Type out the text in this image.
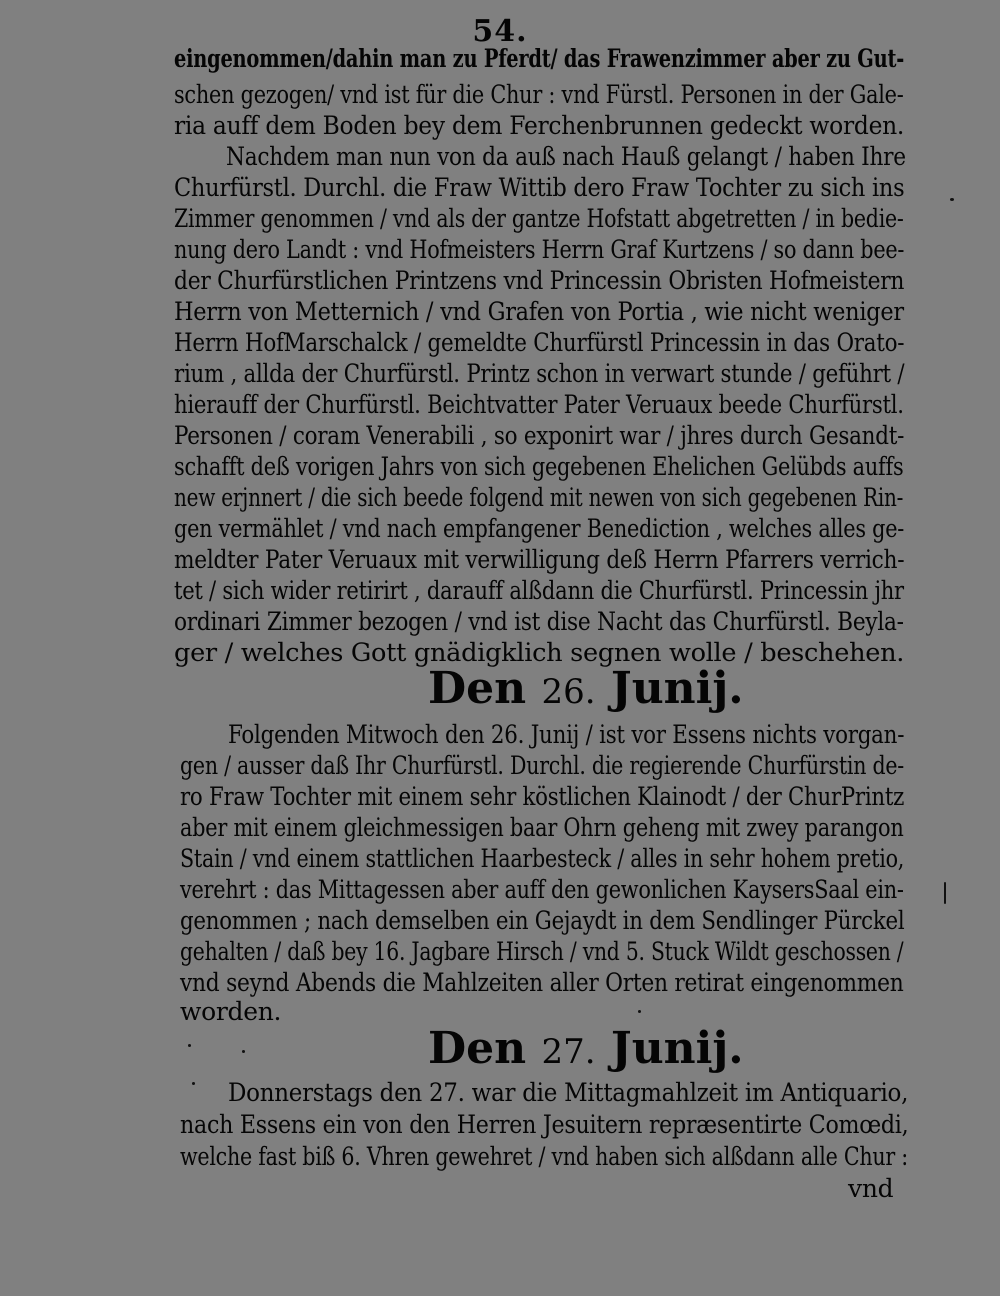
54.
eingenommen/dahin man zu Pferdt/ das Frawenzimmer aber zu Gut-
schen gezogen/ vnd ist für die Chur : vnd Fürstl. Personen in der Gale-
ria auff dem Boden bey dem Ferchenbrunnen gedeckt worden.
Nachdem man nun von da auß nach Hauß gelangt / haben Ihre
Churfürstl. Durchl. die Fraw Wittib dero Fraw Tochter zu sich ins
Zimmer genommen / vnd als der gantze Hofstatt abgetretten / in bedie-
nung dero Landt : vnd Hofmeisters Herrn Graf Kurtzens / so dann bee-
der Churfürstlichen Printzens vnd Princessin Obristen Hofmeistern
Herrn von Metternich / vnd Grafen von Portia , wie nicht weniger
Herrn HofMarschalck / gemeldte Churfürstl Princessin in das Orato-
rium , allda der Churfürstl. Printz schon in verwart stunde / geführt /
hierauff der Churfürstl. Beichtvatter Pater Veruaux beede Churfürstl.
Personen / coram Venerabili , so exponirt war / jhres durch Gesandt-
schafft deß vorigen Jahrs von sich gegebenen Ehelichen Gelübds auffs
new erjnnert / die sich beede folgend mit newen von sich gegebenen Rin-
gen vermählet / vnd nach empfangener Benediction , welches alles ge-
meldter Pater Veruaux mit verwilligung deß Herrn Pfarrers verrich-
tet / sich wider retirirt , darauff alßdann die Churfürstl. Princessin jhr
ordinari Zimmer bezogen / vnd ist dise Nacht das Churfürstl. Beyla-
ger / welches Gott gnädigklich segnen wolle / beschehen.
Den 26. Junij.
Folgenden Mitwoch den 26. Junij / ist vor Essens nichts vorgan-
gen / ausser daß Ihr Churfürstl. Durchl. die regierende Churfürstin de-
ro Fraw Tochter mit einem sehr köstlichen Klainodt / der ChurPrintz
aber mit einem gleichmessigen baar Ohrn geheng mit zwey parangon
Stain / vnd einem stattlichen Haarbesteck / alles in sehr hohem pretio,
verehrt : das Mittagessen aber auff den gewonlichen KaysersSaal ein-
genommen ; nach demselben ein Gejaydt in dem Sendlinger Pürckel
gehalten / daß bey 16. Jagbare Hirsch / vnd 5. Stuck Wildt geschossen /
vnd seynd Abends die Mahlzeiten aller Orten retirat eingenommen
worden.
Den 27. Junij.
Donnerstags den 27. war die Mittagmahlzeit im Antiquario,
nach Essens ein von den Herren Jesuitern repræsentirte Comœdi,
welche fast biß 6. Vhren gewehret / vnd haben sich alßdann alle Chur :
vnd
